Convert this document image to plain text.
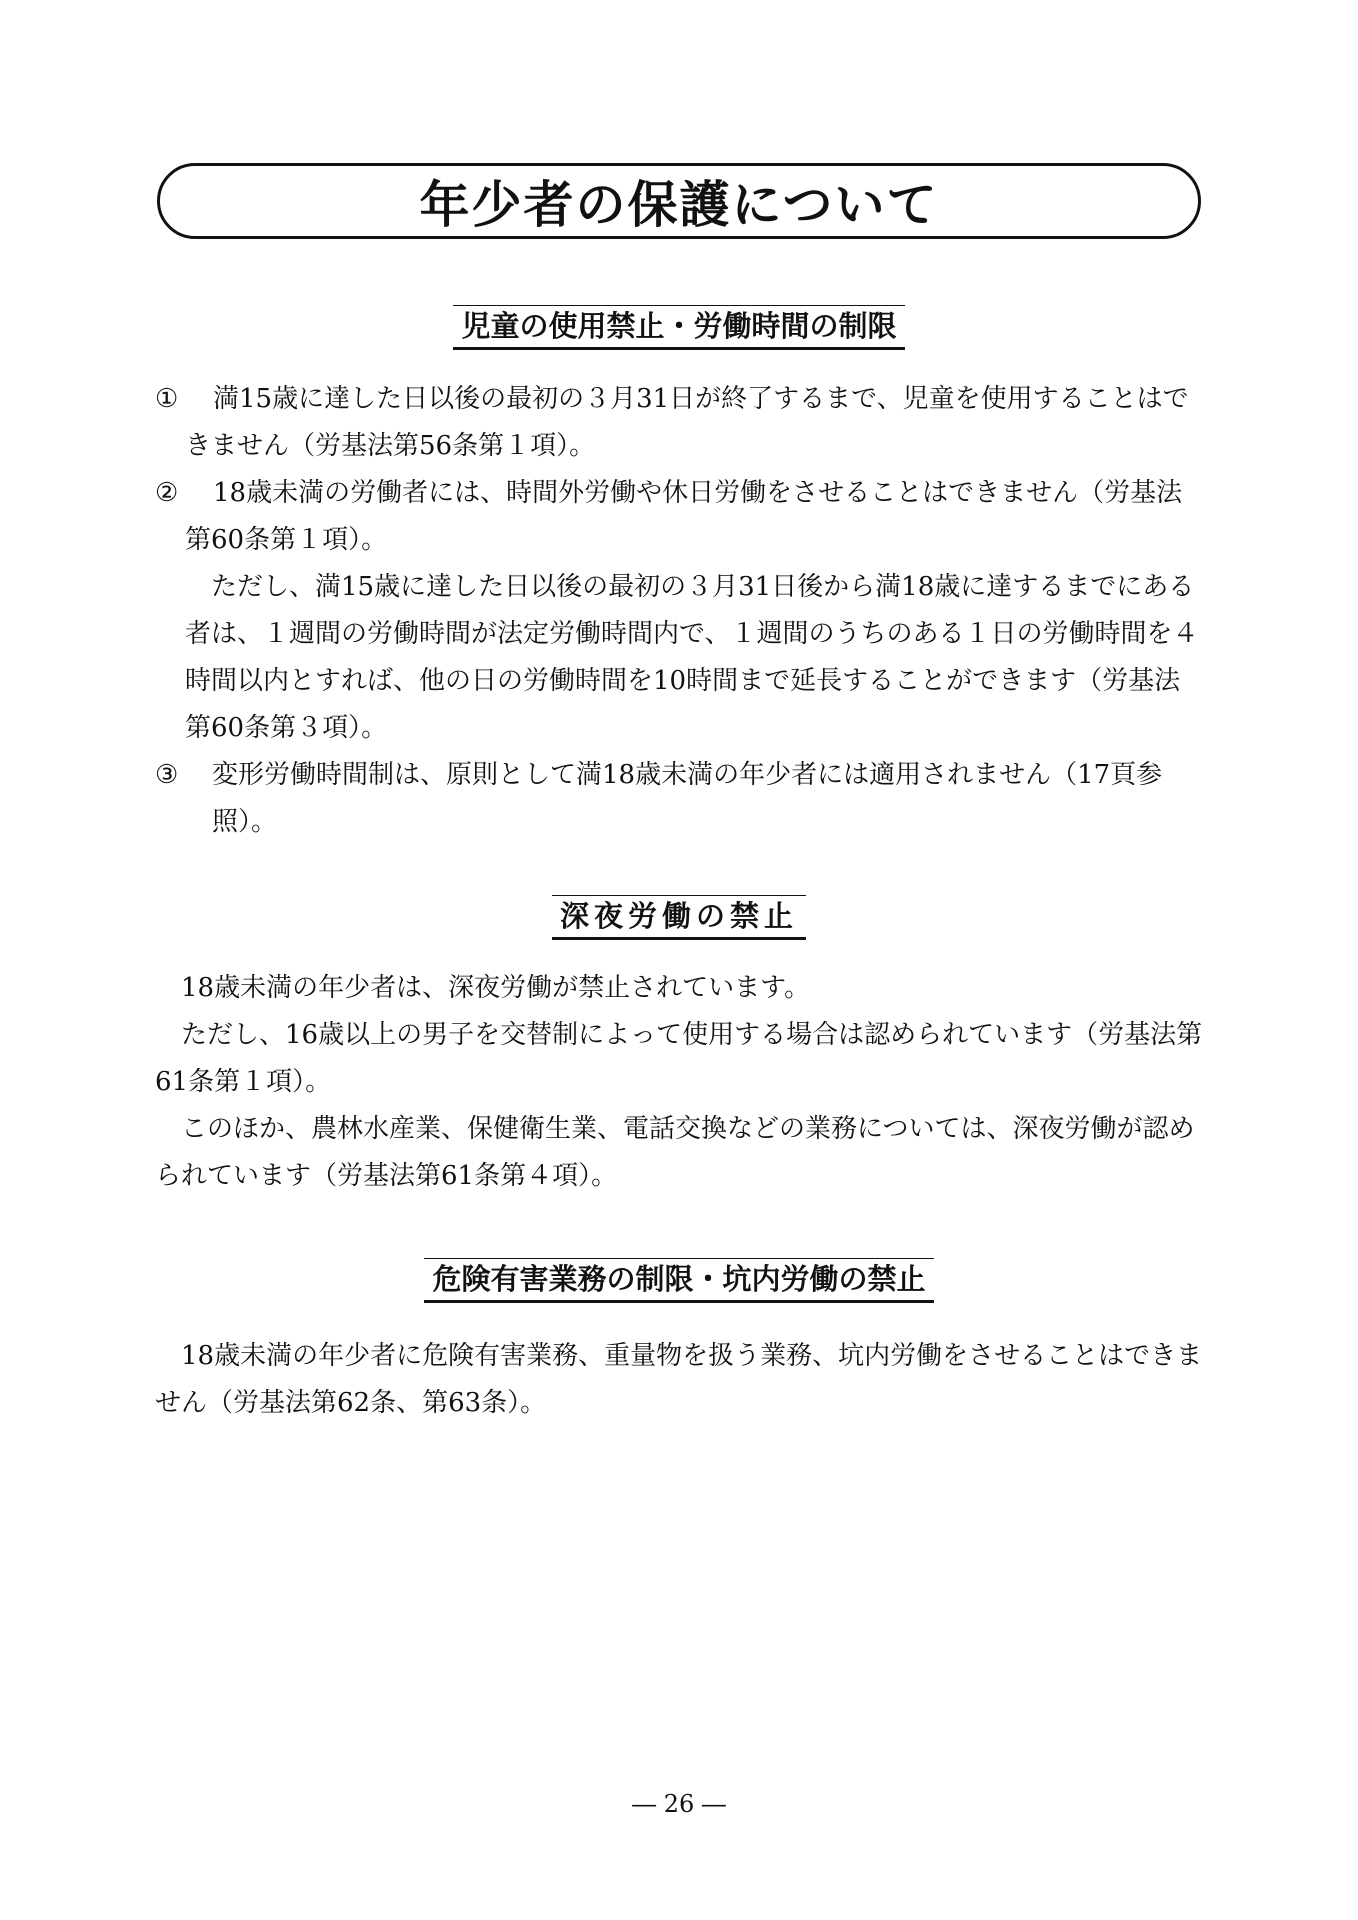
年少者の保護について
児童の使用禁止・労働時間の制限
①	満15歳に達した日以後の最初の３月31日が終了するまで、児童を使用することはできません（労基法第56条第１項）。
②	18歳未満の労働者には、時間外労働や休日労働をさせることはできません（労基法第60条第１項）。
ただし、満15歳に達した日以後の最初の３月31日後から満18歳に達するまでにある者は、１週間の労働時間が法定労働時間内で、１週間のうちのある１日の労働時間を４時間以内とすれば、他の日の労働時間を10時間まで延長することができます（労基法第60条第３項）。
③	変形労働時間制は、原則として満18歳未満の年少者には適用されません（17頁参照）。
深夜労働の禁止

18歳未満の年少者は、深夜労働が禁止されています。

ただし、16歳以上の男子を交替制によって使用する場合は認められています（労基法第61条第１項）。

このほか、農林水産業、保健衛生業、電話交換などの業務については、深夜労働が認められています（労基法第61条第４項）。

危険有害業務の制限・坑内労働の禁止

18歳未満の年少者に危険有害業務、重量物を扱う業務、坑内労働をさせることはできません（労基法第62条、第63条）。

― 26 ―
